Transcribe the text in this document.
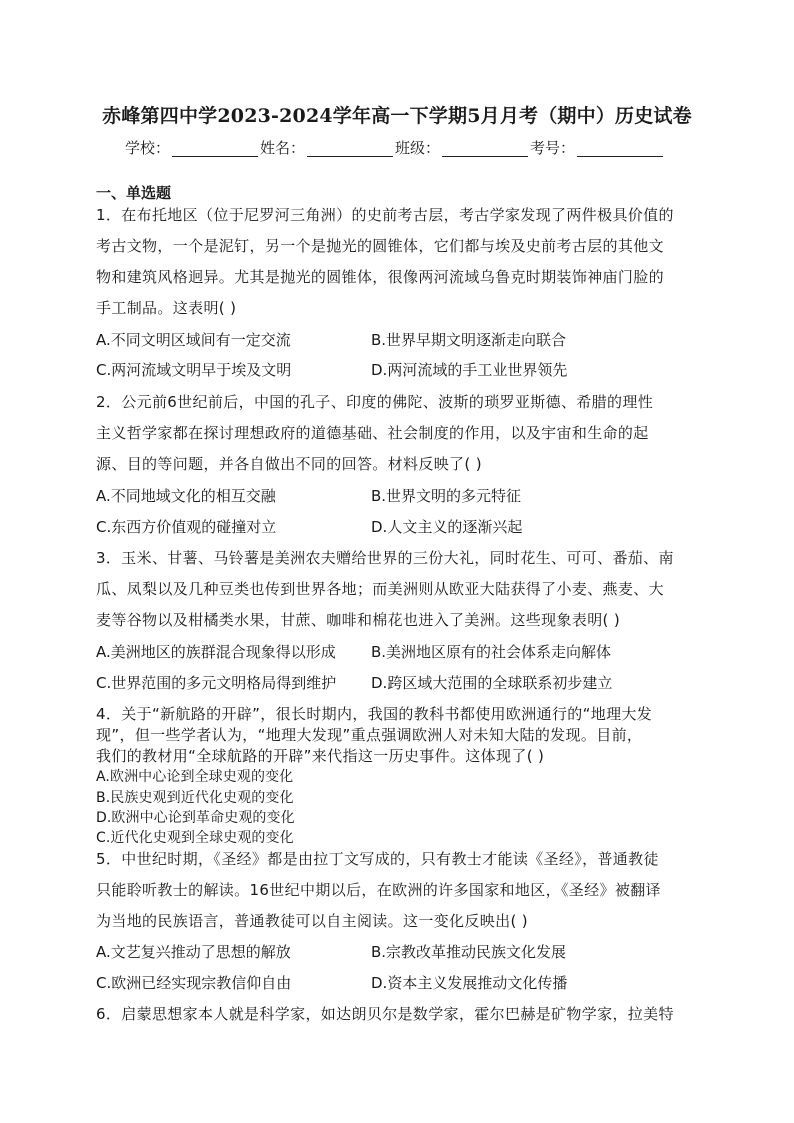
赤峰第四中学2023-2024学年高一下学期5月月考（期中）历史试卷
学校：	姓名：	班级：	考号：
一、单选题
1．在布托地区（位于尼罗河三角洲）的史前考古层，考古学家发现了两件极具价值的
考古文物，一个是泥钉，另一个是抛光的圆锥体，它们都与埃及史前考古层的其他文
物和建筑风格迥异。尤其是抛光的圆锥体，很像两河流域乌鲁克时期装饰神庙门脸的
手工制品。这表明( )
A.不同文明区域间有一定交流	B.世界早期文明逐渐走向联合
C.两河流域文明早于埃及文明	D.两河流域的手工业世界领先
2．公元前6世纪前后，中国的孔子、印度的佛陀、波斯的琐罗亚斯德、希腊的理性
主义哲学家都在探讨理想政府的道德基础、社会制度的作用，以及宇宙和生命的起
源、目的等问题，并各自做出不同的回答。材料反映了( )
A.不同地域文化的相互交融	B.世界文明的多元特征
C.东西方价值观的碰撞对立	D.人文主义的逐渐兴起
3．玉米、甘薯、马铃薯是美洲农夫赠给世界的三份大礼，同时花生、可可、番茄、南
瓜、凤梨以及几种豆类也传到世界各地；而美洲则从欧亚大陆获得了小麦、燕麦、大
麦等谷物以及柑橘类水果，甘蔗、咖啡和棉花也进入了美洲。这些现象表明( )
A.美洲地区的族群混合现象得以形成 B.美洲地区原有的社会体系走向解体
C.世界范围的多元文明格局得到维护 D.跨区域大范围的全球联系初步建立
4．关于“新航路的开辟”，很长时期内，我国的教科书都使用欧洲通行的“地理大发
现”，但一些学者认为，“地理大发现”重点强调欧洲人对未知大陆的发现。目前，
我们的教材用“全球航路的开辟”来代指这一历史事件。这体现了( )
A.欧洲中心论到全球史观的变化
B.民族史观到近代化史观的变化
D.欧洲中心论到革命史观的变化
C.近代化史观到全球史观的变化
5．中世纪时期，《圣经》都是由拉丁文写成的，只有教士才能读《圣经》，普通教徒
只能聆听教士的解读。16世纪中期以后，在欧洲的许多国家和地区，《圣经》被翻译
为当地的民族语言，普通教徒可以自主阅读。这一变化反映出( )
A.文艺复兴推动了思想的解放	B.宗教改革推动民族文化发展
C.欧洲已经实现宗教信仰自由	D.资本主义发展推动文化传播
6．启蒙思想家本人就是科学家，如达朗贝尔是数学家，霍尔巴赫是矿物学家，拉美特
